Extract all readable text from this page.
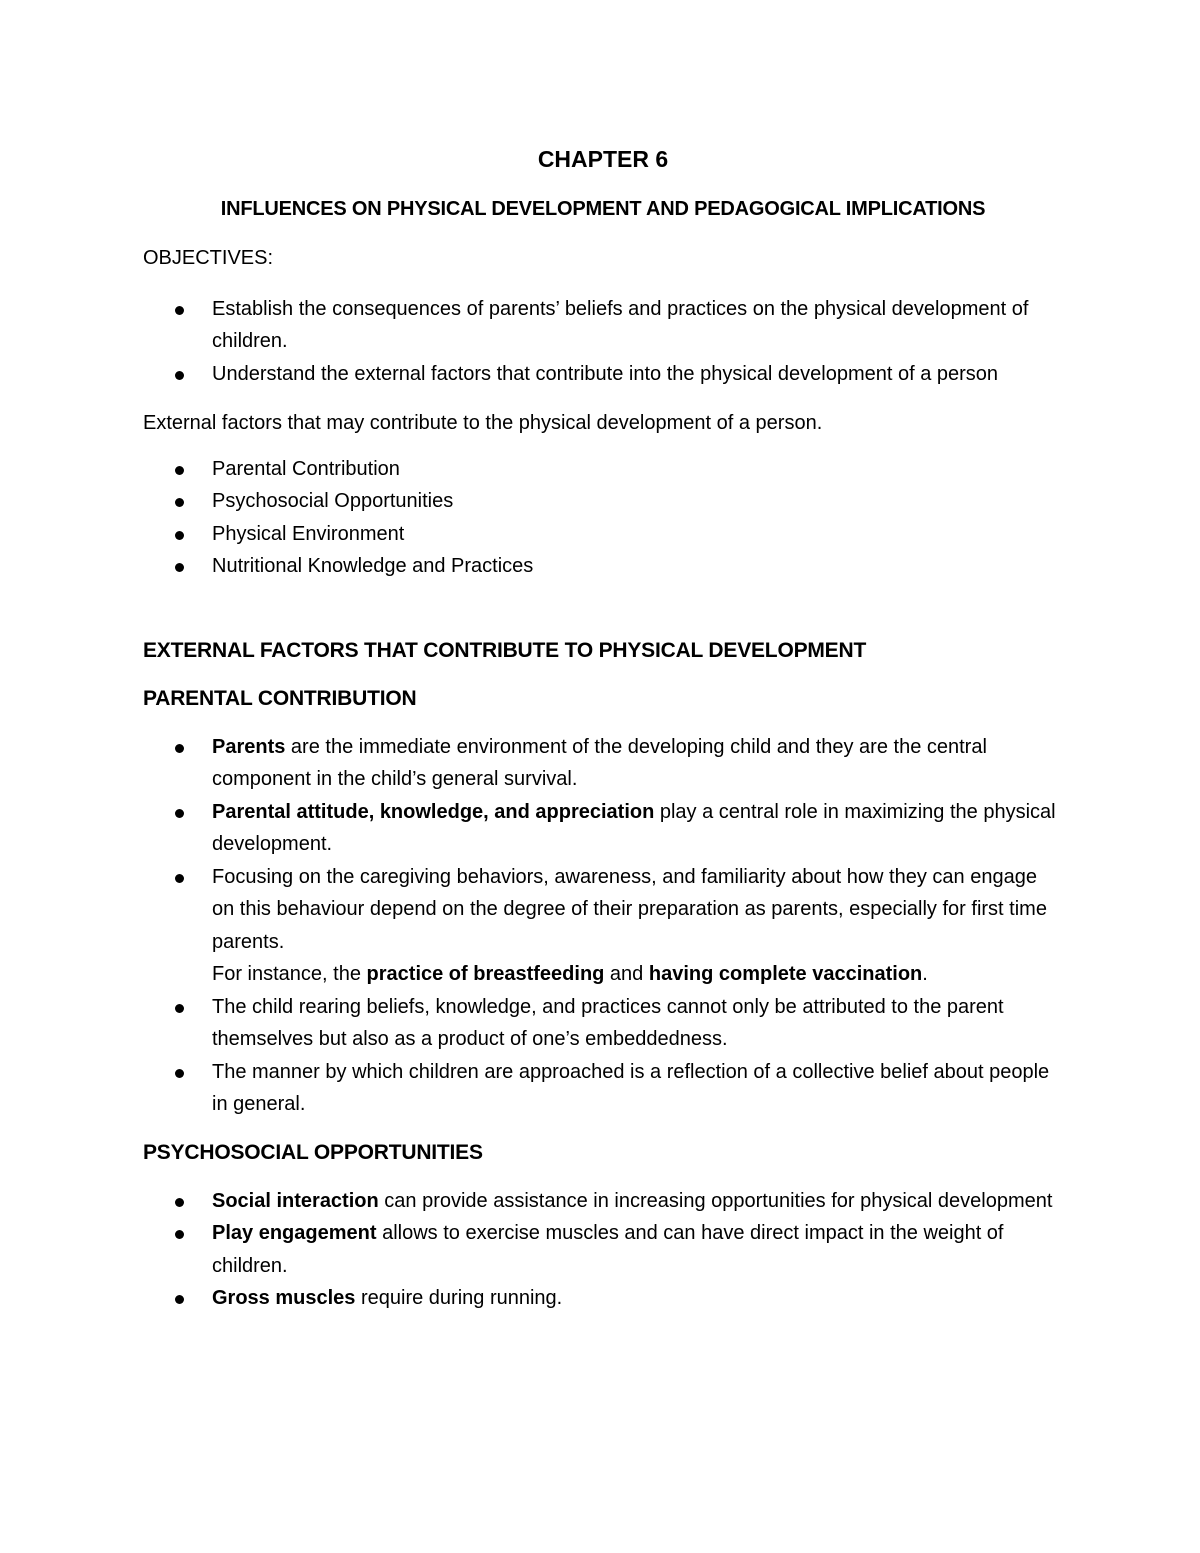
CHAPTER 6
INFLUENCES ON PHYSICAL DEVELOPMENT AND PEDAGOGICAL IMPLICATIONS

OBJECTIVES:

Establish the consequences of parents’ beliefs and practices on the physical development of children.
Understand the external factors that contribute into the physical development of a person

External factors that may contribute to the physical development of a person.

Parental Contribution
Psychosocial Opportunities
Physical Environment
Nutritional Knowledge and Practices
EXTERNAL FACTORS THAT CONTRIBUTE TO PHYSICAL DEVELOPMENT
PARENTAL CONTRIBUTION
Parents are the immediate environment of the developing child and they are the central component in the child’s general survival.
Parental attitude, knowledge, and appreciation play a central role in maximizing the physical development.
Focusing on the caregiving behaviors, awareness, and familiarity about how they can engage on this behaviour depend on the degree of their preparation as parents, especially for first time parents.
For instance, the practice of breastfeeding and having complete vaccination.
The child rearing beliefs, knowledge, and practices cannot only be attributed to the parent themselves but also as a product of one’s embeddedness.
The manner by which children are approached is a reflection of a collective belief about people in general.
PSYCHOSOCIAL OPPORTUNITIES
Social interaction can provide assistance in increasing opportunities for physical development
Play engagement allows to exercise muscles and can have direct impact in the weight of children.
Gross muscles require during running.
